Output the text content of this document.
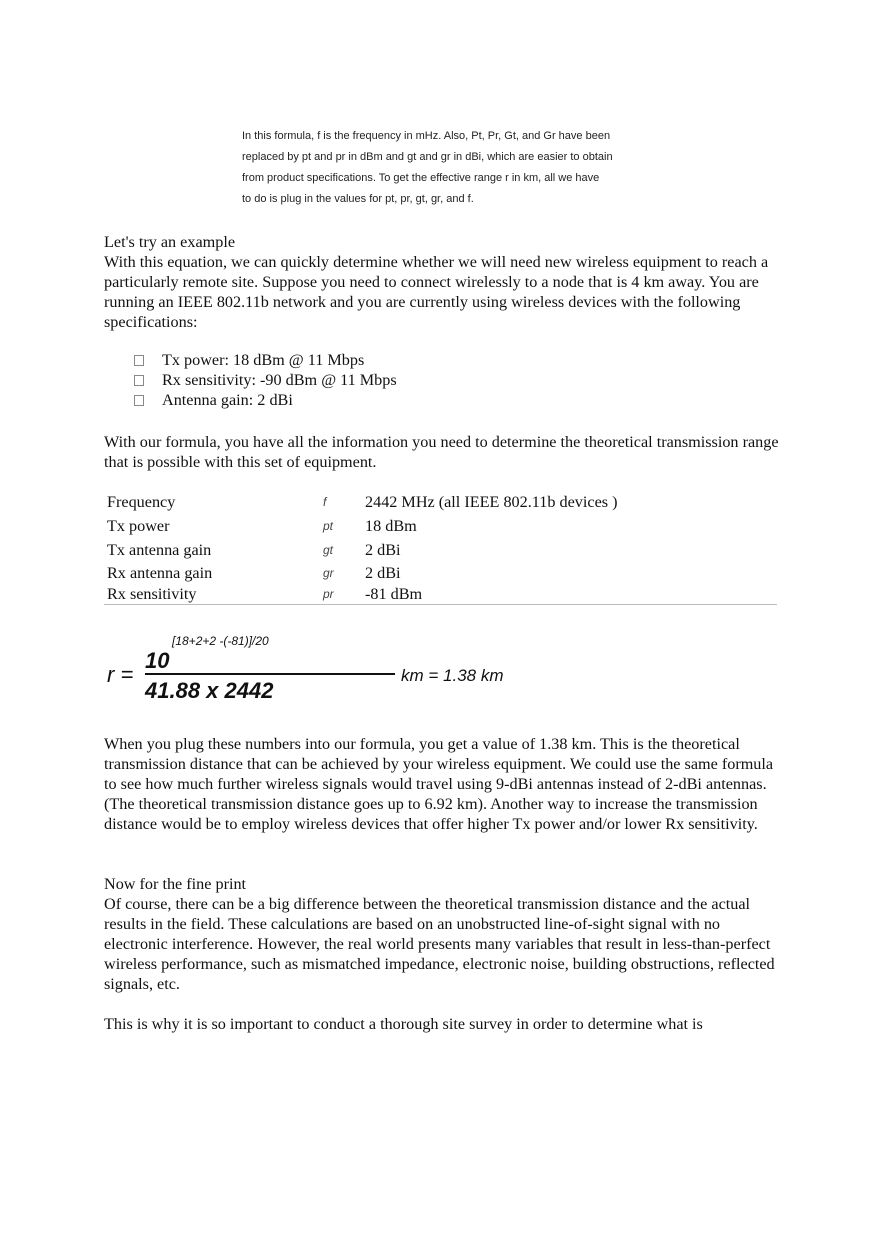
In this formula, f is the frequency in mHz. Also, Pt, Pr, Gt, and Gr have been

replaced by pt and pr in dBm and gt and gr in dBi, which are easier to obtain

from product specifications. To get the effective range r in km, all we have

to do is plug in the values for pt, pr, gt, gr, and f.

Let's try an example

With this equation, we can quickly determine whether we will need new wireless equipment to reach a particularly remote site. Suppose you need to connect wirelessly to a node that is 4 km away. You are running an IEEE 802.11b network and you are currently using wireless devices with the following specifications:

Tx power: 18 dBm @ 11 Mbps
Rx sensitivity: -90 dBm @ 11 Mbps
Antenna gain: 2 dBi

With our formula, you have all the information you need to determine the theoretical transmission range that is possible with this set of equipment.

Frequency	f	2442 MHz (all IEEE 802.11b devices )
Tx power	pt	18 dBm
Tx antenna gain	gt	2 dBi
Rx antenna gain	gr	2 dBi
Rx sensitivity	pr	-81 dBm
r =
[18+2+2 -(-81)]/20
10
41.88 x 2442
km = 1.38 km

When you plug these numbers into our formula, you get a value of 1.38 km. This is the theoretical transmission distance that can be achieved by your wireless equipment. We could use the same formula to see how much further wireless signals would travel using 9-dBi antennas instead of 2-dBi antennas. (The theoretical transmission distance goes up to 6.92 km). Another way to increase the transmission distance would be to employ wireless devices that offer higher Tx power and/or lower Rx sensitivity.

Now for the fine print

Of course, there can be a big difference between the theoretical transmission distance and the actual results in the field. These calculations are based on an unobstructed line-of-sight signal with no electronic interference. However, the real world presents many variables that result in less-than-perfect wireless performance, such as mismatched impedance, electronic noise, building obstructions, reflected signals, etc.

This is why it is so important to conduct a thorough site survey in order to determine what is
